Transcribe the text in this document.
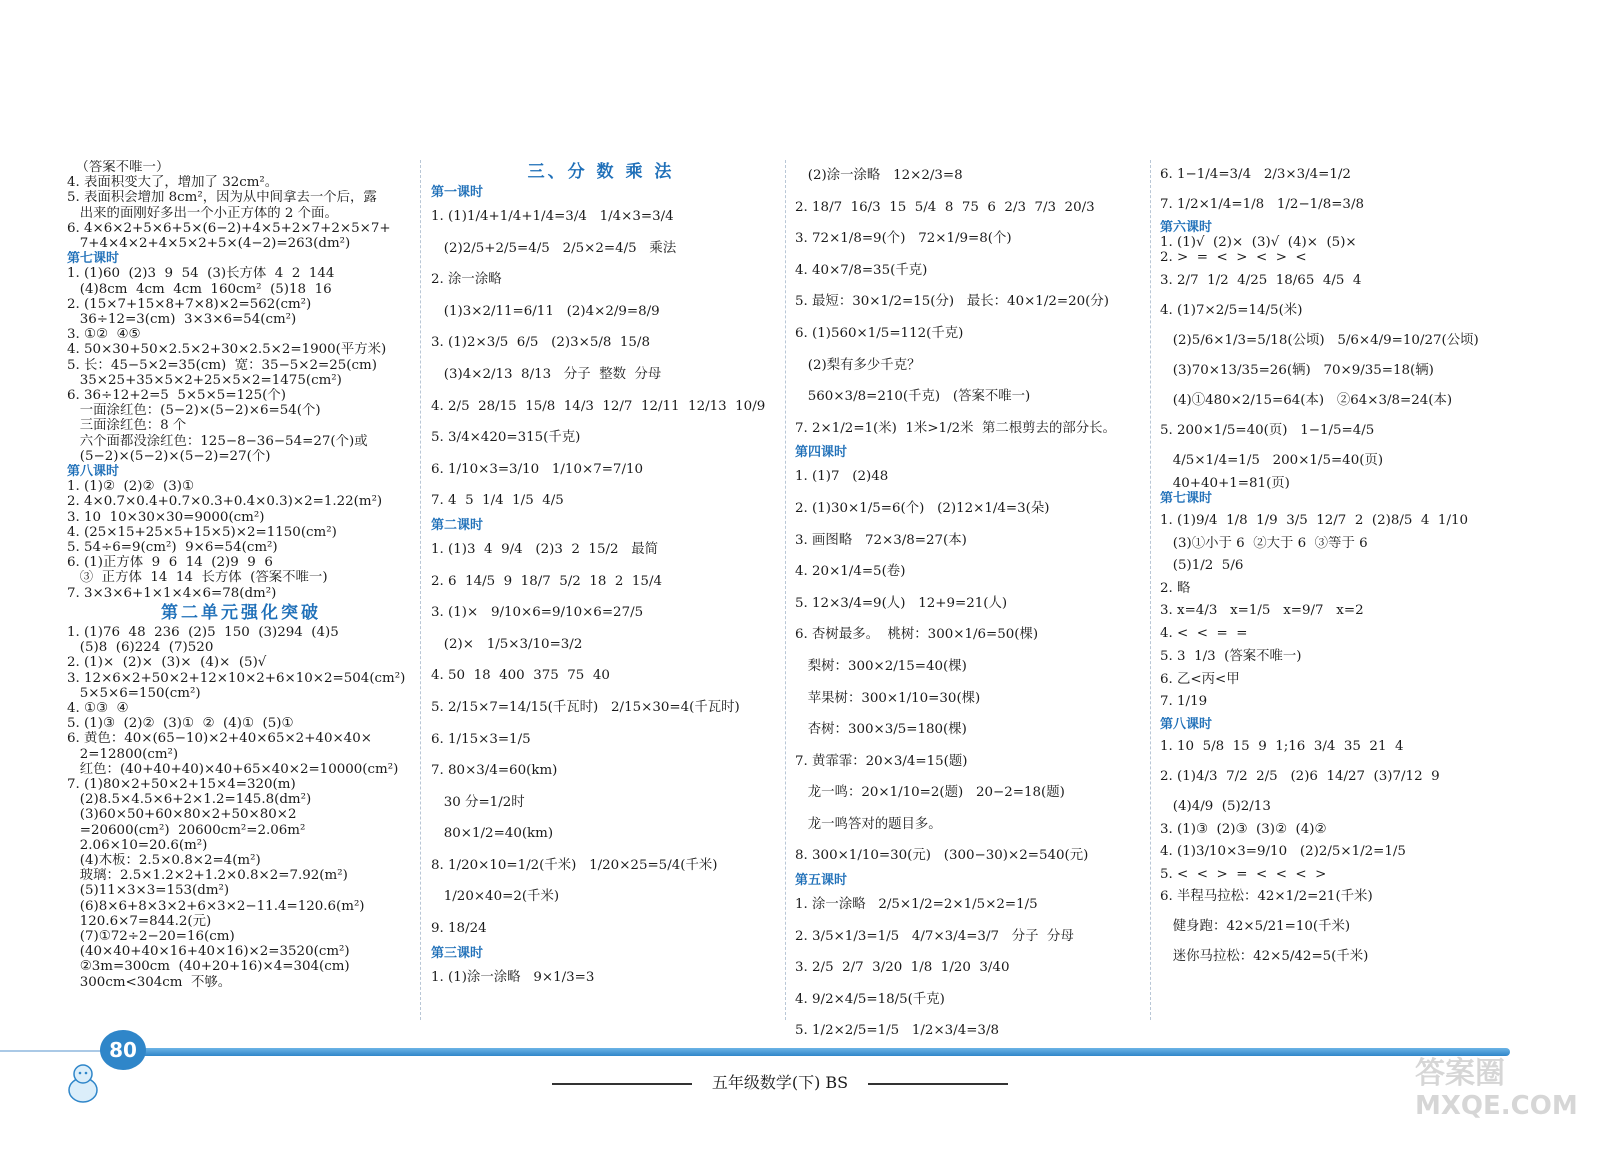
（答案不唯一）
4. 表面积变大了，增加了 32cm²。
5. 表面积会增加 8cm²，因为从中间拿去一个后，露
出来的面刚好多出一个小正方体的 2 个面。
6. 4×6×2+5×6+5×(6−2)+4×5+2×7+2×5×7+
7+4×4×2+4×5×2+5×(4−2)=263(dm²)
第七课时
1. (1)60  (2)3  9  54  (3)长方体  4  2  144
(4)8cm  4cm  4cm  160cm²  (5)18  16
2. (15×7+15×8+7×8)×2=562(cm²)
36÷12=3(cm)  3×3×6=54(cm²)
3. ①②  ④⑤
4. 50×30+50×2.5×2+30×2.5×2=1900(平方米)
5. 长：45−5×2=35(cm)  宽：35−5×2=25(cm)
35×25+35×5×2+25×5×2=1475(cm²)
6. 36÷12+2=5  5×5×5=125(个)
一面涂红色：(5−2)×(5−2)×6=54(个)
三面涂红色：8 个
六个面都没涂红色：125−8−36−54=27(个)或
(5−2)×(5−2)×(5−2)=27(个)
第八课时
1. (1)②  (2)②  (3)①
2. 4×0.7×0.4+0.7×0.3+0.4×0.3)×2=1.22(m²)
3. 10  10×30×30=9000(cm²)
4. (25×15+25×5+15×5)×2=1150(cm²)
5. 54÷6=9(cm²)  9×6=54(cm²)
6. (1)正方体  9  6  14  (2)9  9  6
③  正方体  14  14  长方体  (答案不唯一)
7. 3×3×6+1×1×4×6=78(dm²)
第二单元强化突破
1. (1)76  48  236  (2)5  150  (3)294  (4)5
(5)8  (6)224  (7)520
2. (1)×  (2)×  (3)×  (4)×  (5)√
3. 12×6×2+50×2+12×10×2+6×10×2=504(cm²)
5×5×6=150(cm²)
4. ①③  ④
5. (1)③  (2)②  (3)①  ②  (4)①  (5)①
6. 黄色：40×(65−10)×2+40×65×2+40×40×
2=12800(cm²)
红色：(40+40+40)×40+65×40×2=10000(cm²)
7. (1)80×2+50×2+15×4=320(m)
(2)8.5×4.5×6+2×1.2=145.8(dm²)
(3)60×50+60×80×2+50×80×2
=20600(cm²)  20600cm²=2.06m²
2.06×10=20.6(m²)
(4)木板：2.5×0.8×2=4(m²)
玻璃：2.5×1.2×2+1.2×0.8×2=7.92(m²)
(5)11×3×3=153(dm²)
(6)8×6+8×3×2+6×3×2−11.4=120.6(m²)
120.6×7=844.2(元)
(7)①72÷2−20=16(cm)
(40×40+40×16+40×16)×2=3520(cm²)
②3m=300cm  (40+20+16)×4=304(cm)
300cm<304cm  不够。
三、分 数 乘 法
第一课时
1. (1)1/4+1/4+1/4=3/4   1/4×3=3/4
(2)2/5+2/5=4/5   2/5×2=4/5   乘法
2. 涂一涂略
(1)3×2/11=6/11   (2)4×2/9=8/9
3. (1)2×3/5  6/5   (2)3×5/8  15/8
(3)4×2/13  8/13   分子  整数  分母
4. 2/5  28/15  15/8  14/3  12/7  12/11  12/13  10/9
5. 3/4×420=315(千克)
6. 1/10×3=3/10   1/10×7=7/10
7. 4  5  1/4  1/5  4/5
第二课时
1. (1)3  4  9/4   (2)3  2  15/2   最简
2. 6  14/5  9  18/7  5/2  18  2  15/4
3. (1)×   9/10×6=9/10×6=27/5
(2)×   1/5×3/10=3/2
4. 50  18  400  375  75  40
5. 2/15×7=14/15(千瓦时)   2/15×30=4(千瓦时)
6. 1/15×3=1/5
7. 80×3/4=60(km)
30 分=1/2时
80×1/2=40(km)
8. 1/20×10=1/2(千米)   1/20×25=5/4(千米)
1/20×40=2(千米)
9. 18/24
第三课时
1. (1)涂一涂略   9×1/3=3
(2)涂一涂略   12×2/3=8
2. 18/7  16/3  15  5/4  8  75  6  2/3  7/3  20/3
3. 72×1/8=9(个)   72×1/9=8(个)
4. 40×7/8=35(千克)
5. 最短：30×1/2=15(分)   最长：40×1/2=20(分)
6. (1)560×1/5=112(千克)
(2)梨有多少千克？
560×3/8=210(千克)   (答案不唯一)
7. 2×1/2=1(米)  1米>1/2米  第二根剪去的部分长。
第四课时
1. (1)7   (2)48
2. (1)30×1/5=6(个)   (2)12×1/4=3(朵)
3. 画图略   72×3/8=27(本)
4. 20×1/4=5(卷)
5. 12×3/4=9(人)   12+9=21(人)
6. 杏树最多。  桃树：300×1/6=50(棵)
梨树：300×2/15=40(棵)
苹果树：300×1/10=30(棵)
杏树：300×3/5=180(棵)
7. 黄霏霏：20×3/4=15(题)
龙一鸣：20×1/10=2(题)   20−2=18(题)
龙一鸣答对的题目多。
8. 300×1/10=30(元)   (300−30)×2=540(元)
第五课时
1. 涂一涂略   2/5×1/2=2×1/5×2=1/5
2. 3/5×1/3=1/5   4/7×3/4=3/7   分子  分母
3. 2/5  2/7  3/20  1/8  1/20  3/40
4. 9/2×4/5=18/5(千克)
5. 1/2×2/5=1/5   1/2×3/4=3/8
6. 1−1/4=3/4   2/3×3/4=1/2
7. 1/2×1/4=1/8   1/2−1/8=3/8
第六课时
1. (1)√  (2)×  (3)√  (4)×  (5)×
2. >  =  <  >  <  >  <
3. 2/7  1/2  4/25  18/65  4/5  4
4. (1)7×2/5=14/5(米)
(2)5/6×1/3=5/18(公顷)   5/6×4/9=10/27(公顷)
(3)70×13/35=26(辆)   70×9/35=18(辆)
(4)①480×2/15=64(本)   ②64×3/8=24(本)
5. 200×1/5=40(页)   1−1/5=4/5
4/5×1/4=1/5   200×1/5=40(页)
40+40+1=81(页)
第七课时
1. (1)9/4  1/8  1/9  3/5  12/7  2  (2)8/5  4  1/10
(3)①小于 6  ②大于 6  ③等于 6
(5)1/2  5/6
2. 略
3. x=4/3   x=1/5   x=9/7   x=2
4. <  <  =  =
5. 3  1/3  (答案不唯一)
6. 乙<丙<甲
7. 1/19
第八课时
1. 10  5/8  15  9  1;16  3/4  35  21  4
2. (1)4/3  7/2  2/5   (2)6  14/27  (3)7/12  9
(4)4/9  (5)2/13
3. (1)③  (2)③  (3)②  (4)②
4. (1)3/10×3=9/10   (2)2/5×1/2=1/5
5. <  <  >  =  <  <  <  >
6. 半程马拉松：42×1/2=21(千米)
健身跑：42×5/21=10(千米)
迷你马拉松：42×5/42=5(千米)
80
五年级数学(下) BS	答案圈
MXQE.COM
